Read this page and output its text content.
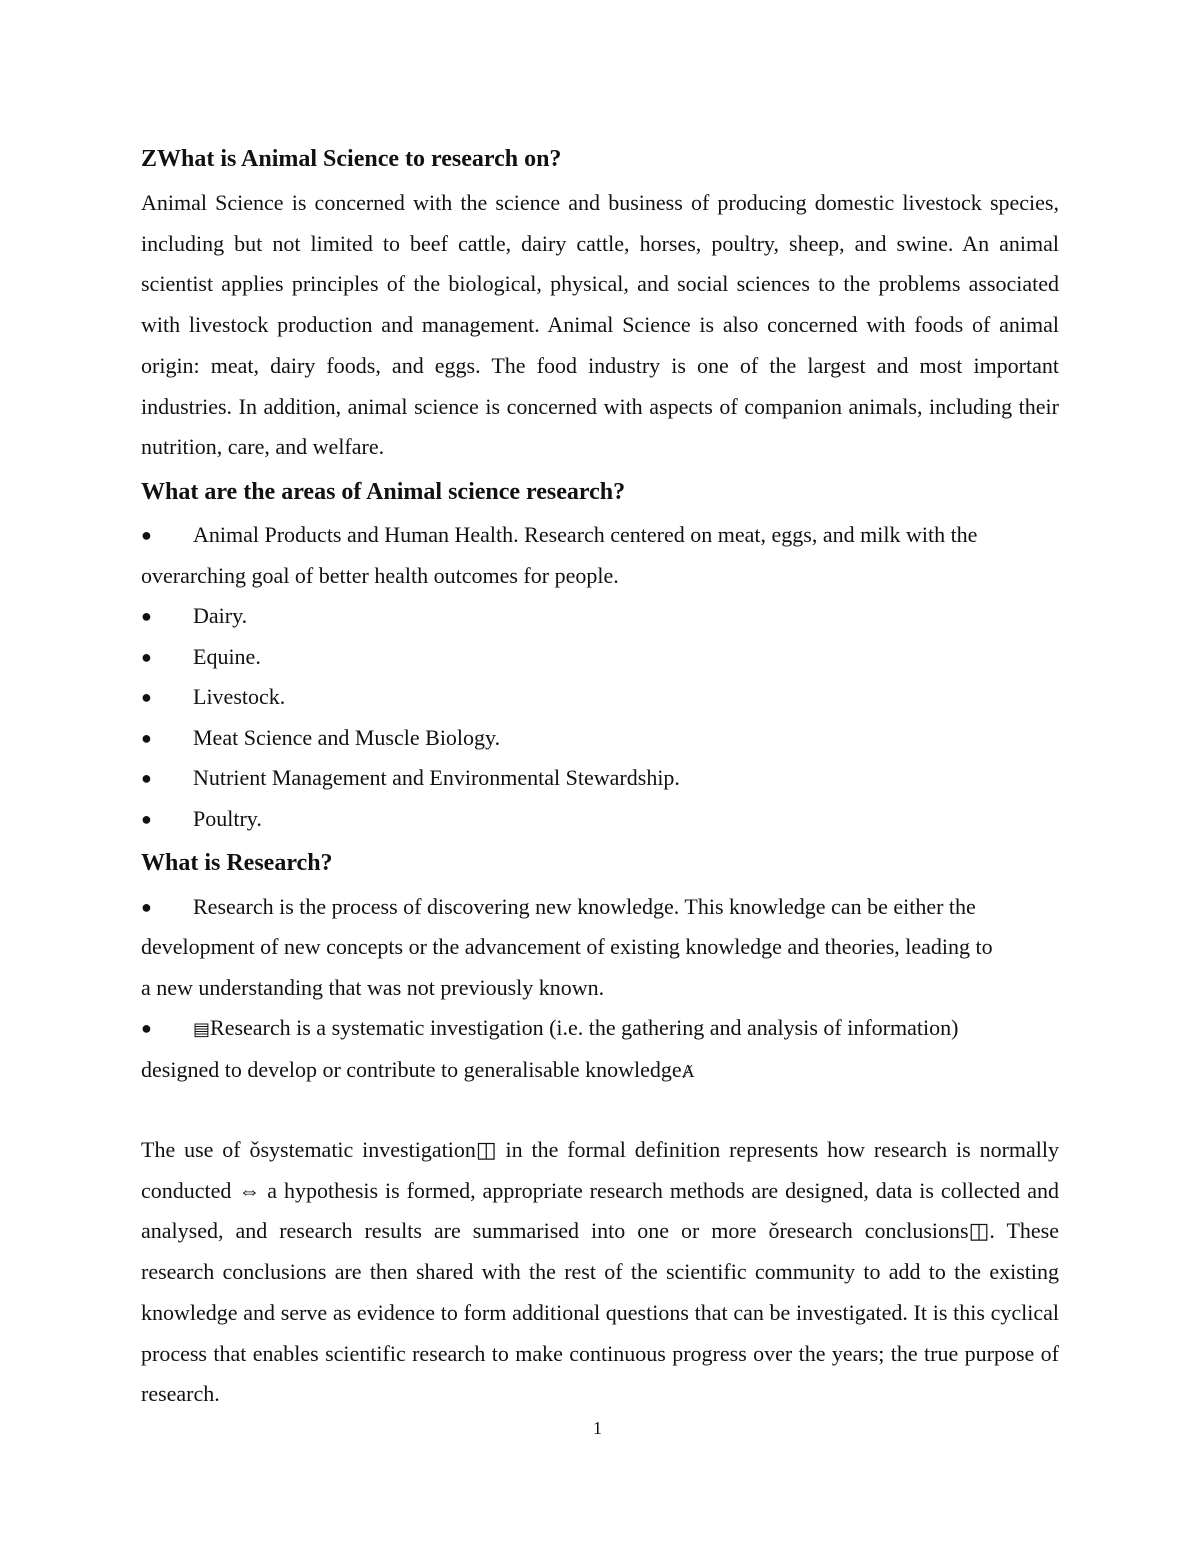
ZWhat is Animal Science to research on?

Animal Science is concerned with the science and business of producing domestic livestock species, including but not limited to beef cattle, dairy cattle, horses, poultry, sheep, and swine. An animal scientist applies principles of the biological, physical, and social sciences to the problems associated with livestock production and management. Animal Science is also concerned with foods of animal origin: meat, dairy foods, and eggs. The food industry is one of the largest and most important industries. In addition, animal science is concerned with aspects of companion animals, including their nutrition, care, and welfare.

What are the areas of Animal science research?
● Animal Products and Human Health. Research centered on meat, eggs, and milk with the
overarching goal of better health outcomes for people.
● Dairy.
● Equine.
● Livestock.
● Meat Science and Muscle Biology.
● Nutrient Management and Environmental Stewardship.
● Poultry.
What is Research?
● Research is the process of discovering new knowledge. This knowledge can be either the
development of new concepts or the advancement of existing knowledge and theories, leading to
a new understanding that was not previously known.
● ▤Research is a systematic investigation (i.e. the gathering and analysis of information)
designed to develop or contribute to generalisable knowledgeȺ

The use of ǒsystematic investigation◫ in the formal definition represents how research is normally conducted ⇔ a hypothesis is formed, appropriate research methods are designed, data is collected and analysed, and research results are summarised into one or more ǒresearch conclusions◫. These research conclusions are then shared with the rest of the scientific community to add to the existing knowledge and serve as evidence to form additional questions that can be investigated. It is this cyclical process that enables scientific research to make continuous progress over the years; the true purpose of research.

1
